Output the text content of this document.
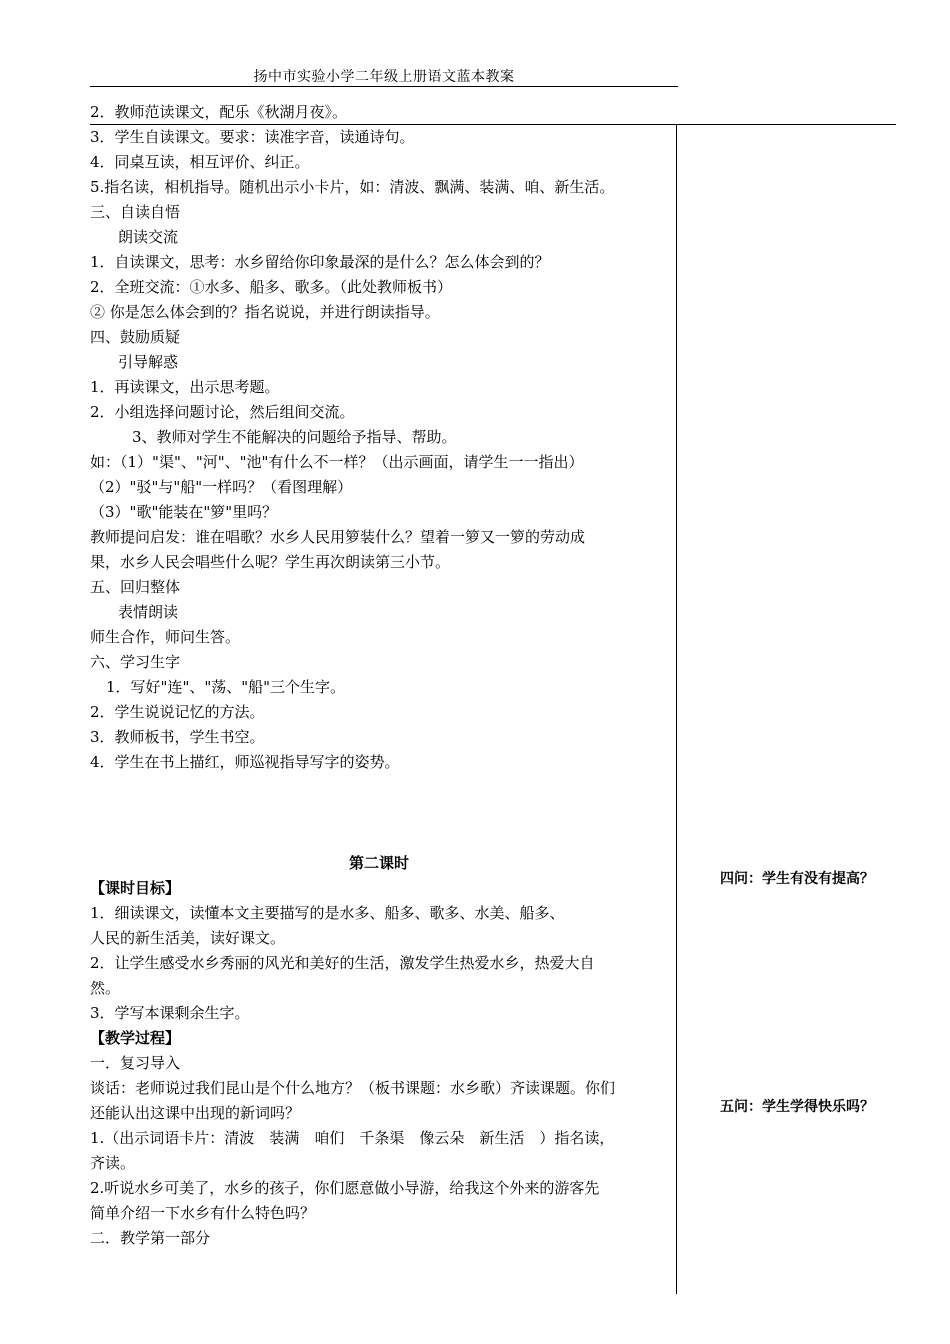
扬中市实验小学二年级上册语文蓝本教案
2．教师范读课文，配乐《秋湖月夜》。
3．学生自读课文。要求：读准字音，读通诗句。
4．同桌互读，相互评价、纠正。
5.指名读，相机指导。随机出示小卡片，如：清波、飘满、装满、咱、新生活。
三、自读自悟
朗读交流
1．自读课文，思考：水乡留给你印象最深的是什么？怎么体会到的？
2．全班交流：①水多、船多、歌多。（此处教师板书）
② 你是怎么体会到的？指名说说，并进行朗读指导。
四、鼓励质疑
引导解惑
1．再读课文，出示思考题。
2．小组选择问题讨论，然后组间交流。
3、教师对学生不能解决的问题给予指导、帮助。
如：（1）"渠"、"河"、"池"有什么不一样？（出示画面，请学生一一指出）
（2）"驳"与"船"一样吗？（看图理解）
（3）"歌"能装在"箩"里吗？
教师提问启发：谁在唱歌？水乡人民用箩装什么？望着一箩又一箩的劳动成
果，水乡人民会唱些什么呢？学生再次朗读第三小节。
五、回归整体
表情朗读
师生合作，师问生答。
六、学习生字
1．写好"连"、"荡、"船"三个生字。
2．学生说说记忆的方法。
3．教师板书，学生书空。
4．学生在书上描红，师巡视指导写字的姿势。
第二课时
【课时目标】
1．细读课文，读懂本文主要描写的是水多、船多、歌多、水美、船多、
人民的新生活美，读好课文。
2．让学生感受水乡秀丽的风光和美好的生活，激发学生热爱水乡，热爱大自
然。
3．学写本课剩余生字。
【教学过程】
一．复习导入
谈话：老师说过我们昆山是个什么地方？（板书课题：水乡歌）齐读课题。你们
还能认出这课中出现的新词吗？
1.（出示词语卡片：清波　装满　咱们　千条渠　像云朵　新生活　）指名读，
齐读。
2.听说水乡可美了，水乡的孩子，你们愿意做小导游，给我这个外来的游客先
简单介绍一下水乡有什么特色吗？
二．教学第一部分
四问：学生有没有提高？
五问：学生学得快乐吗？
